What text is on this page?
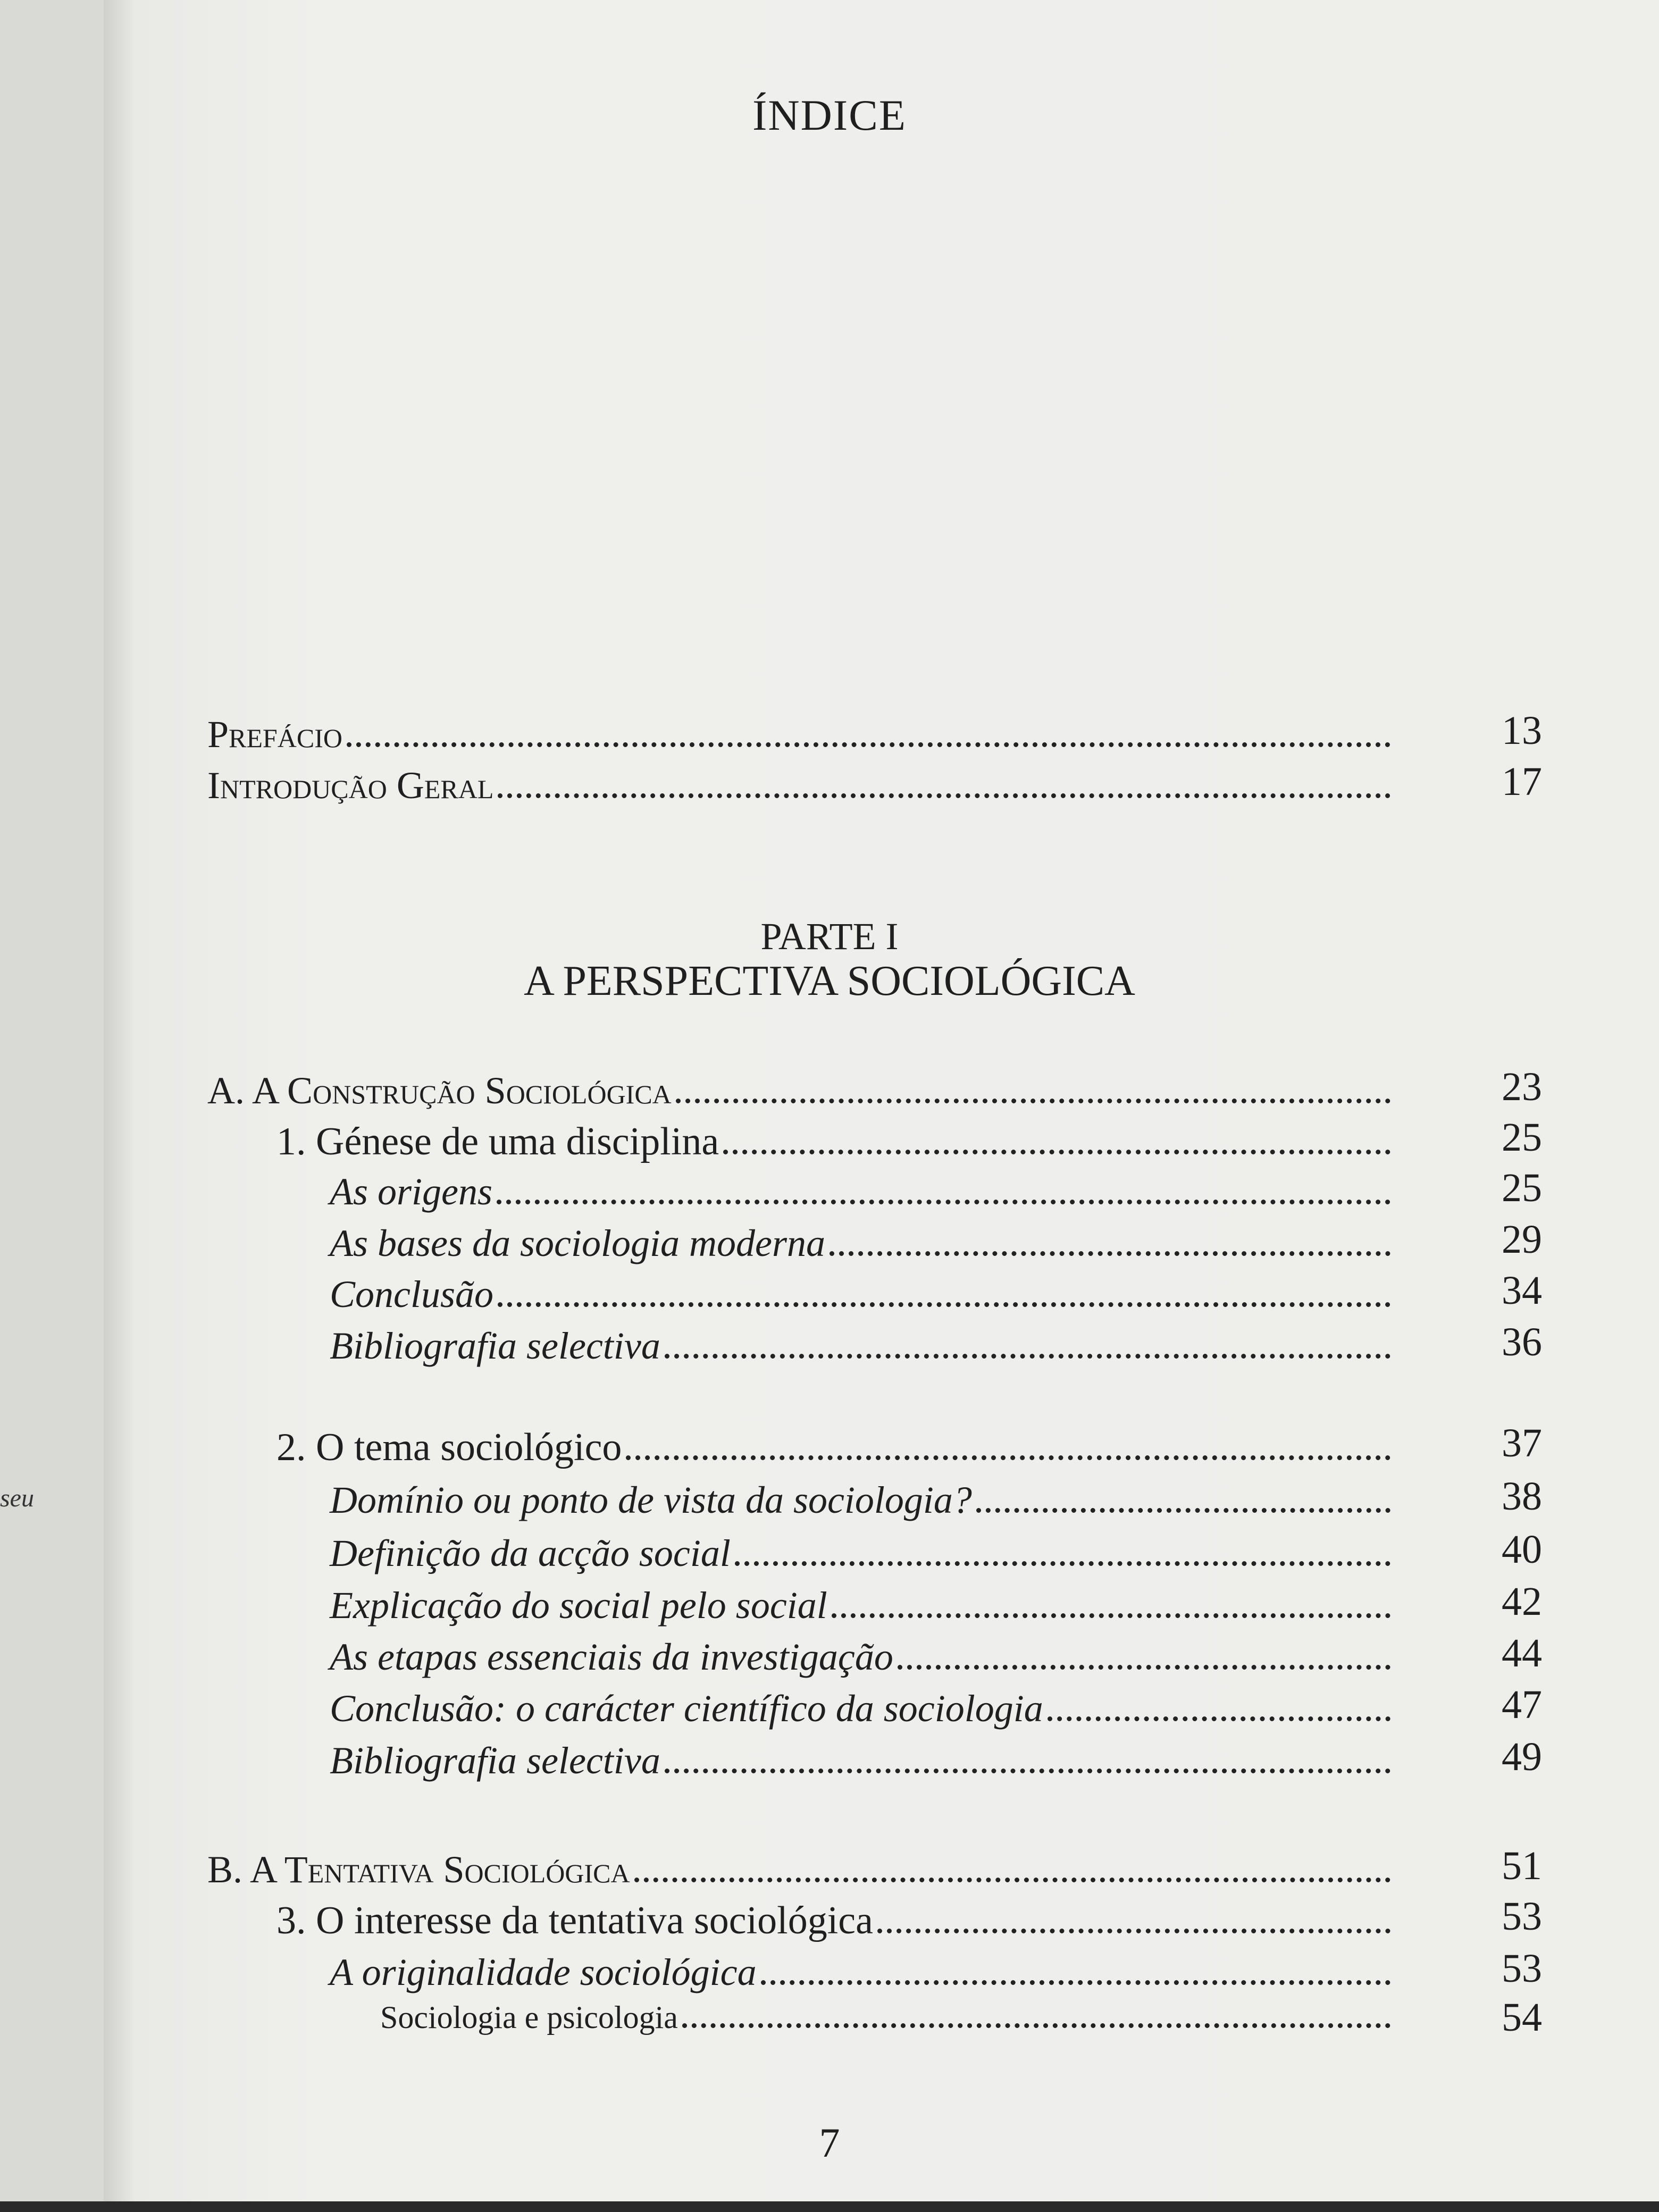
seu
ÍNDICE
Prefácio	13
Introdução Geral	17
PARTE I
A PERSPECTIVA SOCIOLÓGICA
A. A Construção Sociológica	23
1. Génese de uma disciplina	25
As origens	25
As bases da sociologia moderna	29
Conclusão	34
Bibliografia selectiva	36
2. O tema sociológico	37
Domínio ou ponto de vista da sociologia?	38
Definição da acção social	40
Explicação do social pelo social	42
As etapas essenciais da investigação	44
Conclusão: o carácter científico da sociologia	47
Bibliografia selectiva	49
B. A Tentativa Sociológica	51
3. O interesse da tentativa sociológica	53
A originalidade sociológica	53
Sociologia e psicologia	54
7
